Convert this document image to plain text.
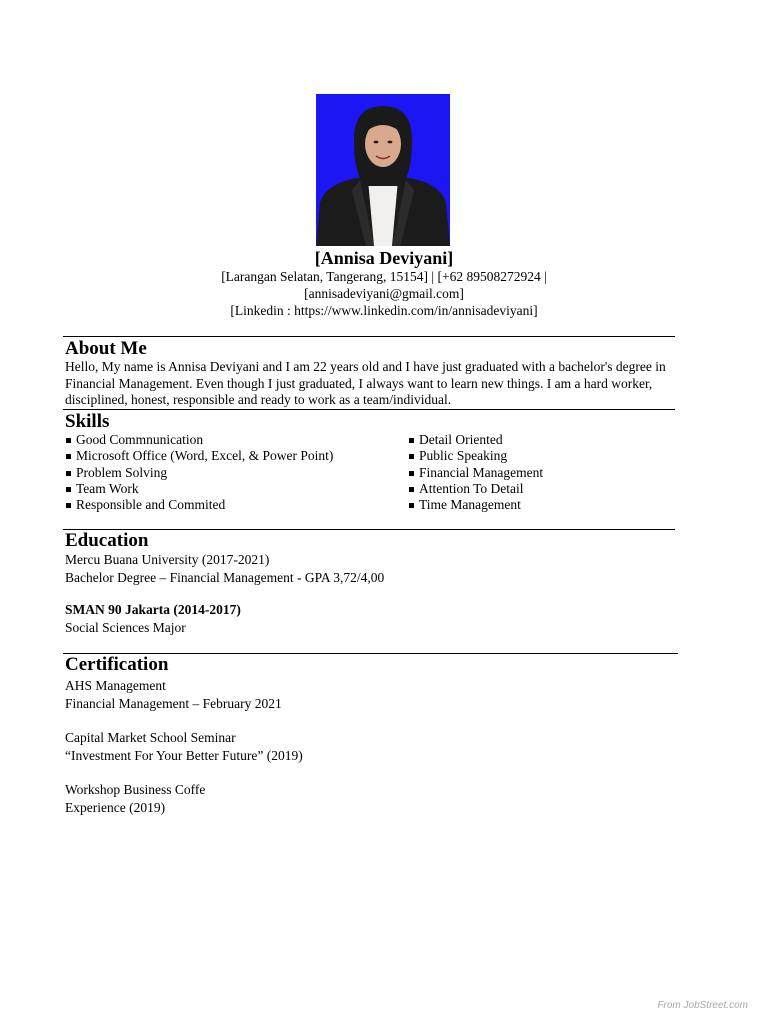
[Annisa Deviyani]
[Larangan Selatan, Tangerang, 15154] | [+62 89508272924 |
[annisadeviyani@gmail.com]
[Linkedin : https://www.linkedin.com/in/annisadeviyani]
About Me
Hello, My name is Annisa Deviyani and I am 22 years old and I have just graduated with a bachelor's degree in Financial Management. Even though I just graduated, I always want to learn new things. I am a hard worker, disciplined, honest, responsible and ready to work as a team/individual.
Skills
Good Commnunication
Microsoft Office (Word, Excel, & Power Point)
Problem Solving
Team Work
Responsible and Commited
Detail Oriented
Public Speaking
Financial Management
Attention To Detail
Time Management
Education
Mercu Buana University (2017-2021)
Bachelor Degree – Financial Management - GPA 3,72/4,00
SMAN 90 Jakarta (2014-2017)
Social Sciences Major
Certification
AHS Management
Financial Management – February 2021
Capital Market School Seminar
“Investment For Your Better Future” (2019)
Workshop Business Coffe
Experience (2019)
From JobStreet.com
